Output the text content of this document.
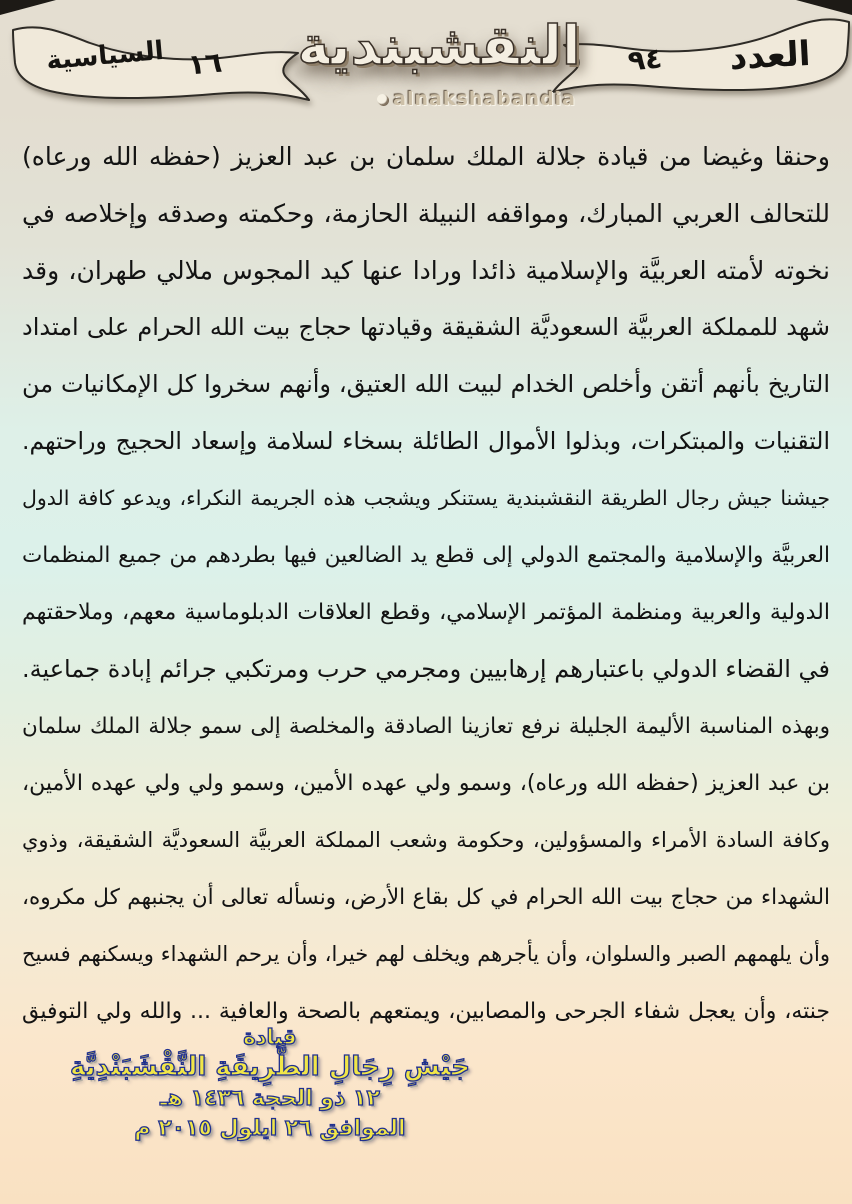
العدد
٩٤
السياسية ١٦	النقشبندية
alnakshabandia
وحنقا وغيضا من قيادة جلالة الملك سلمان بن عبد العزيز (حفظه الله ورعاه)
للتحالف العربي المبارك، ومواقفه النبيلة الحازمة، وحكمته وصدقه وإخلاصه في
نخوته لأمته العربيَّة والإسلامية ذائدا ورادا عنها كيد المجوس ملالي طهران، وقد
شهد للمملكة العربيَّة السعوديَّة الشقيقة وقيادتها حجاج بيت الله الحرام على امتداد
التاريخ بأنهم أتقن وأخلص الخدام لبيت الله العتيق، وأنهم سخروا كل الإمكانيات من
التقنيات والمبتكرات، وبذلوا الأموال الطائلة بسخاء لسلامة وإسعاد الحجيج وراحتهم.
جيشنا جيش رجال الطريقة النقشبندية يستنكر ويشجب هذه الجريمة النكراء، ويدعو كافة الدول
العربيَّة والإسلامية والمجتمع الدولي إلى قطع يد الضالعين فيها بطردهم من جميع المنظمات
الدولية والعربية ومنظمة المؤتمر الإسلامي، وقطع العلاقات الدبلوماسية معهم، وملاحقتهم
في القضاء الدولي باعتبارهم إرهابيين ومجرمي حرب ومرتكبي جرائم إبادة جماعية.
وبهذه المناسبة الأليمة الجليلة نرفع تعازينا الصادقة والمخلصة إلى سمو جلالة الملك سلمان
بن عبد العزيز (حفظه الله ورعاه)، وسمو ولي عهده الأمين، وسمو ولي ولي عهده الأمين،
وكافة السادة الأمراء والمسؤولين، وحكومة وشعب المملكة العربيَّة السعوديَّة الشقيقة، وذوي
الشهداء من حجاج بيت الله الحرام في كل بقاع الأرض، ونسأله تعالى أن يجنبهم كل مكروه،
وأن يلهمهم الصبر والسلوان، وأن يأجرهم ويخلف لهم خيرا، وأن يرحم الشهداء ويسكنهم فسيح
جنته، وأن يعجل شفاء الجرحى والمصابين، ويمتعهم بالصحة والعافية ... والله ولي التوفيق
قيادة
جَيْشِ رِجَالِ الطَّرِيقَةِ النَّقْشَبَنْدِيَّةِ
١٢ ذو الحجة ١٤٣٦ هـ
الموافق ٢٦ ايلول ٢٠١٥ م
